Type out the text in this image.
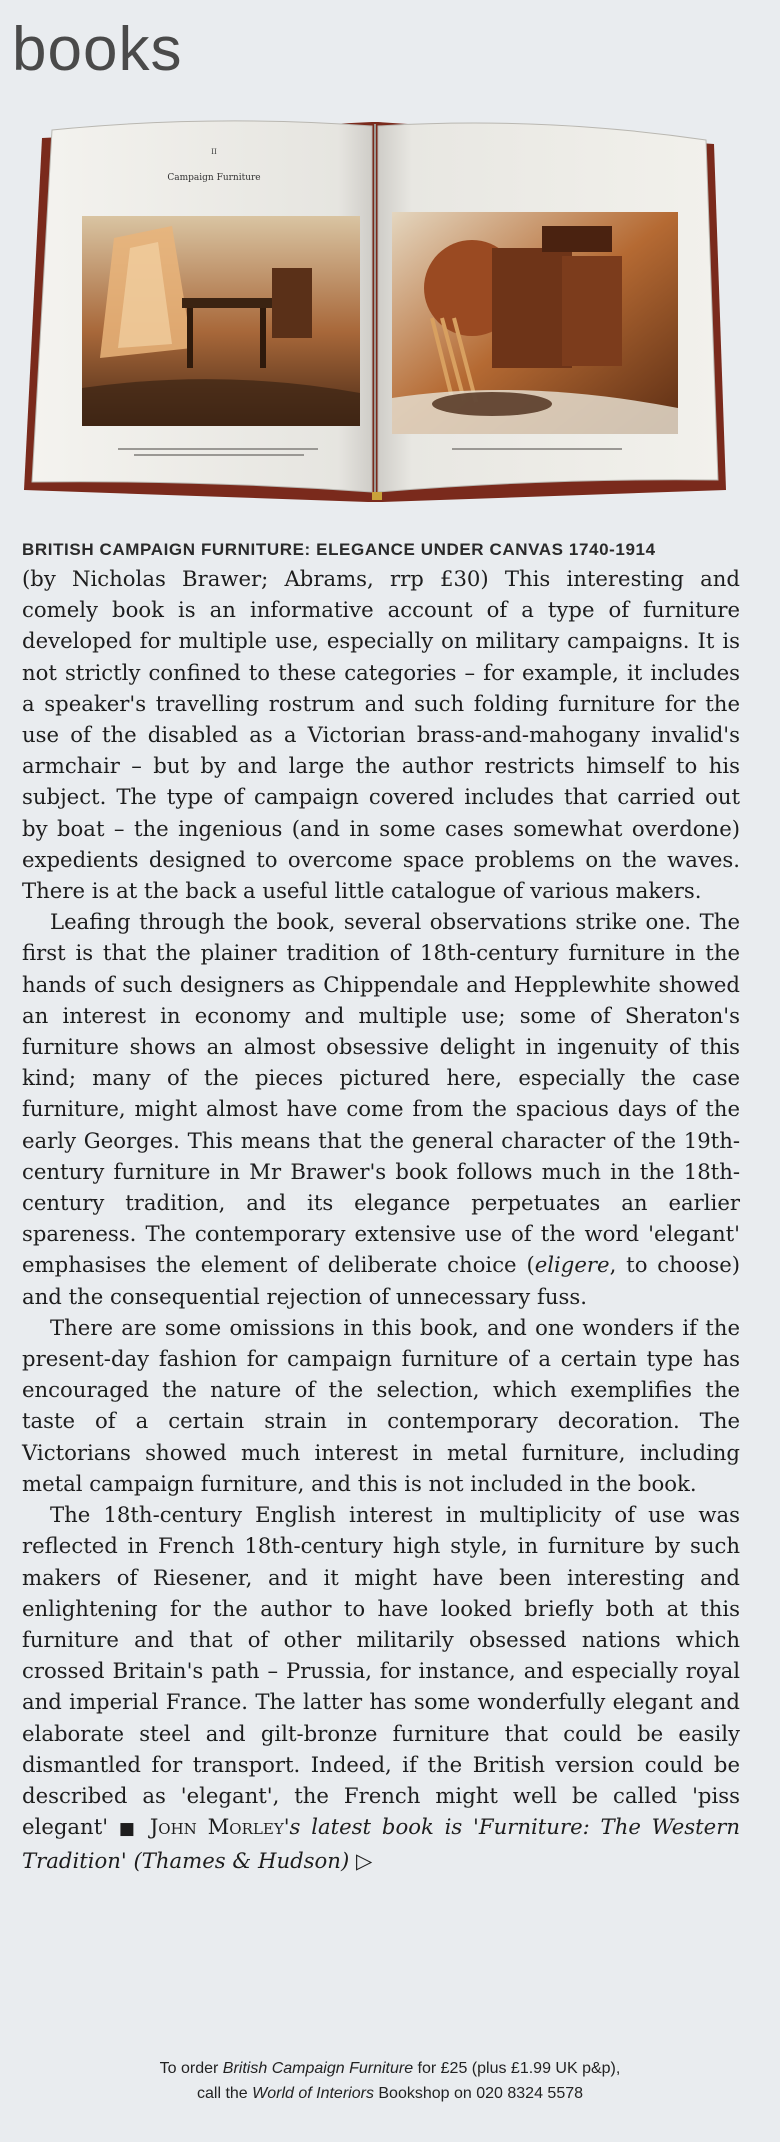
books
II
Campaign Furniture
BRITISH CAMPAIGN FURNITURE: ELEGANCE UNDER CANVAS 1740-1914

(by Nicholas Brawer; Abrams, rrp £30) This interesting and comely book is an informative account of a type of furniture developed for multiple use, especially on military campaigns. It is not strictly confined to these categories – for example, it includes a speaker's travelling rostrum and such folding furniture for the use of the disabled as a Victorian brass-and-mahogany invalid's armchair – but by and large the author restricts himself to his subject. The type of campaign covered includes that carried out by boat – the ingenious (and in some cases somewhat overdone) expedients designed to overcome space problems on the waves. There is at the back a useful little catalogue of various makers.

Leafing through the book, several observations strike one. The first is that the plainer tradition of 18th-century furniture in the hands of such designers as Chippendale and Hepplewhite showed an interest in economy and multiple use; some of Sheraton's furniture shows an almost obsessive delight in ingenuity of this kind; many of the pieces pictured here, especially the case furniture, might almost have come from the spacious days of the early Georges. This means that the general character of the 19th-century furniture in Mr Brawer's book follows much in the 18th-century tradition, and its elegance perpetuates an earlier spareness. The contemporary extensive use of the word 'elegant' emphasises the element of deliberate choice (eligere, to choose) and the consequential rejection of unnecessary fuss.

There are some omissions in this book, and one wonders if the present-day fashion for campaign furniture of a certain type has encouraged the nature of the selection, which exemplifies the taste of a certain strain in contemporary decoration. The Victorians showed much interest in metal furniture, including metal campaign furniture, and this is not included in the book.

The 18th-century English interest in multiplicity of use was reflected in French 18th-century high style, in furniture by such makers of Riesener, and it might have been interesting and enlightening for the author to have looked briefly both at this furniture and that of other militarily obsessed nations which crossed Britain's path – Prussia, for instance, and especially royal and imperial France. The latter has some wonderfully elegant and elaborate steel and gilt-bronze furniture that could be easily dismantled for transport. Indeed, if the British version could be described as 'elegant', the French might well be called 'piss elegant' ■ John Morley's latest book is 'Furniture: The Western Tradition' (Thames & Hudson) ▷

To order British Campaign Furniture for £25 (plus £1.99 UK p&p),

call the World of Interiors Bookshop on 020 8324 5578
